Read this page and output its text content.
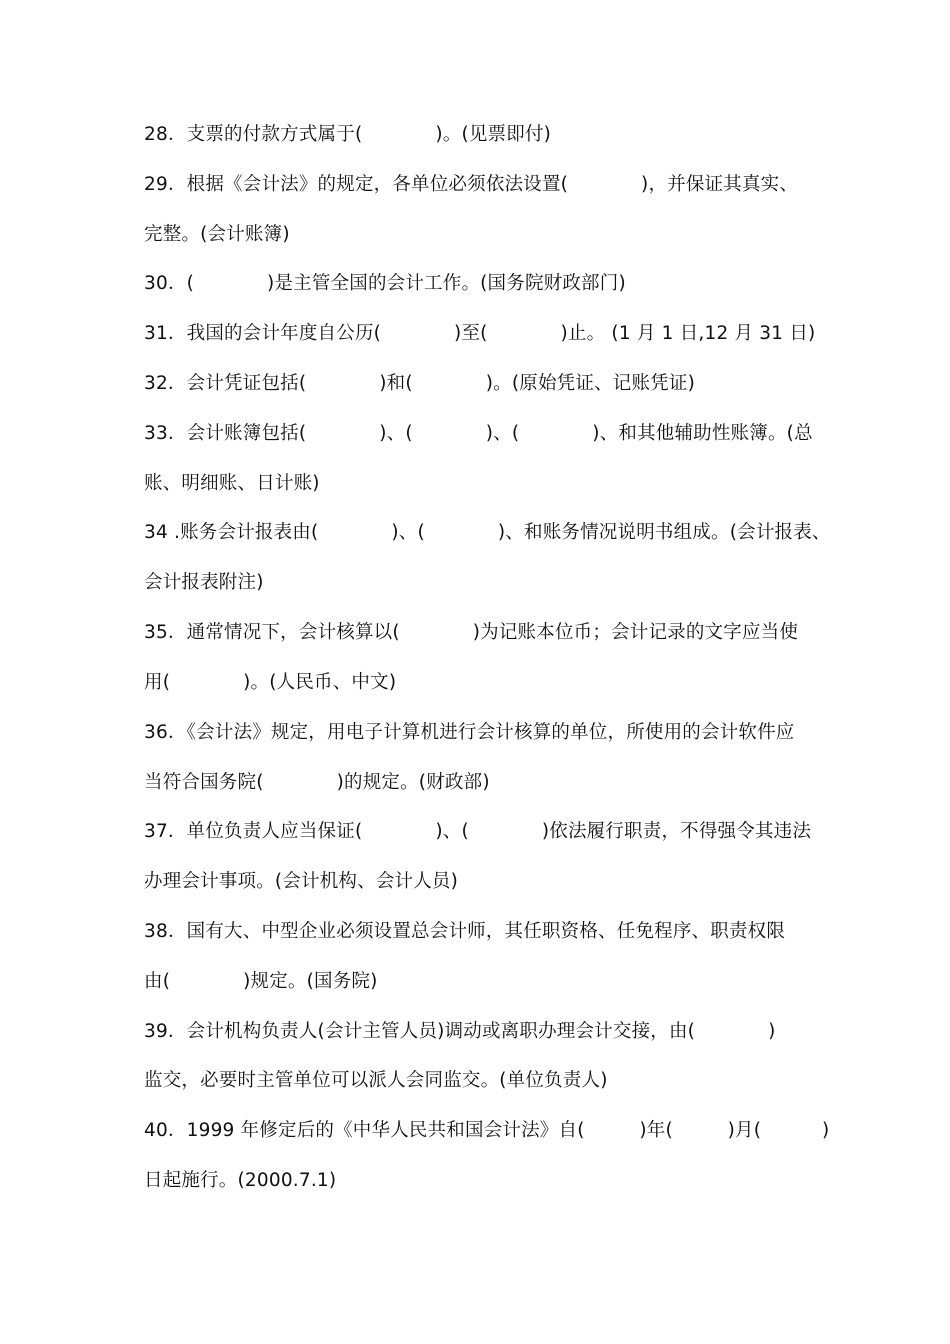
28．支票的付款方式属于(            )。(见票即付)
29．根据《会计法》的规定，各单位必须依法设置(            )，并保证其真实、
完整。(会计账簿)
30．(            )是主管全国的会计工作。(国务院财政部门)
31．我国的会计年度自公历(            )至(            )止。 (1 月 1 日,12 月 31 日)
32．会计凭证包括(            )和(            )。(原始凭证、记账凭证)
33．会计账簿包括(            )、(            )、(            )、和其他辅助性账簿。(总
账、明细账、日计账)
34 .账务会计报表由(            )、(            )、和账务情况说明书组成。(会计报表、
会计报表附注)
35．通常情况下，会计核算以(            )为记账本位币；会计记录的文字应当使
用(            )。(人民币、中文)
36．《会计法》规定，用电子计算机进行会计核算的单位，所使用的会计软件应
当符合国务院(            )的规定。(财政部)
37．单位负责人应当保证(            )、(            )依法履行职责，不得强令其违法
办理会计事项。(会计机构、会计人员)
38．国有大、中型企业必须设置总会计师，其任职资格、任免程序、职责权限
由(            )规定。(国务院)
39．会计机构负责人(会计主管人员)调动或离职办理会计交接，由(            )
监交，必要时主管单位可以派人会同监交。(单位负责人)
40．1999 年修定后的《中华人民共和国会计法》自(         )年(         )月(          )
日起施行。(2000.7.1)
